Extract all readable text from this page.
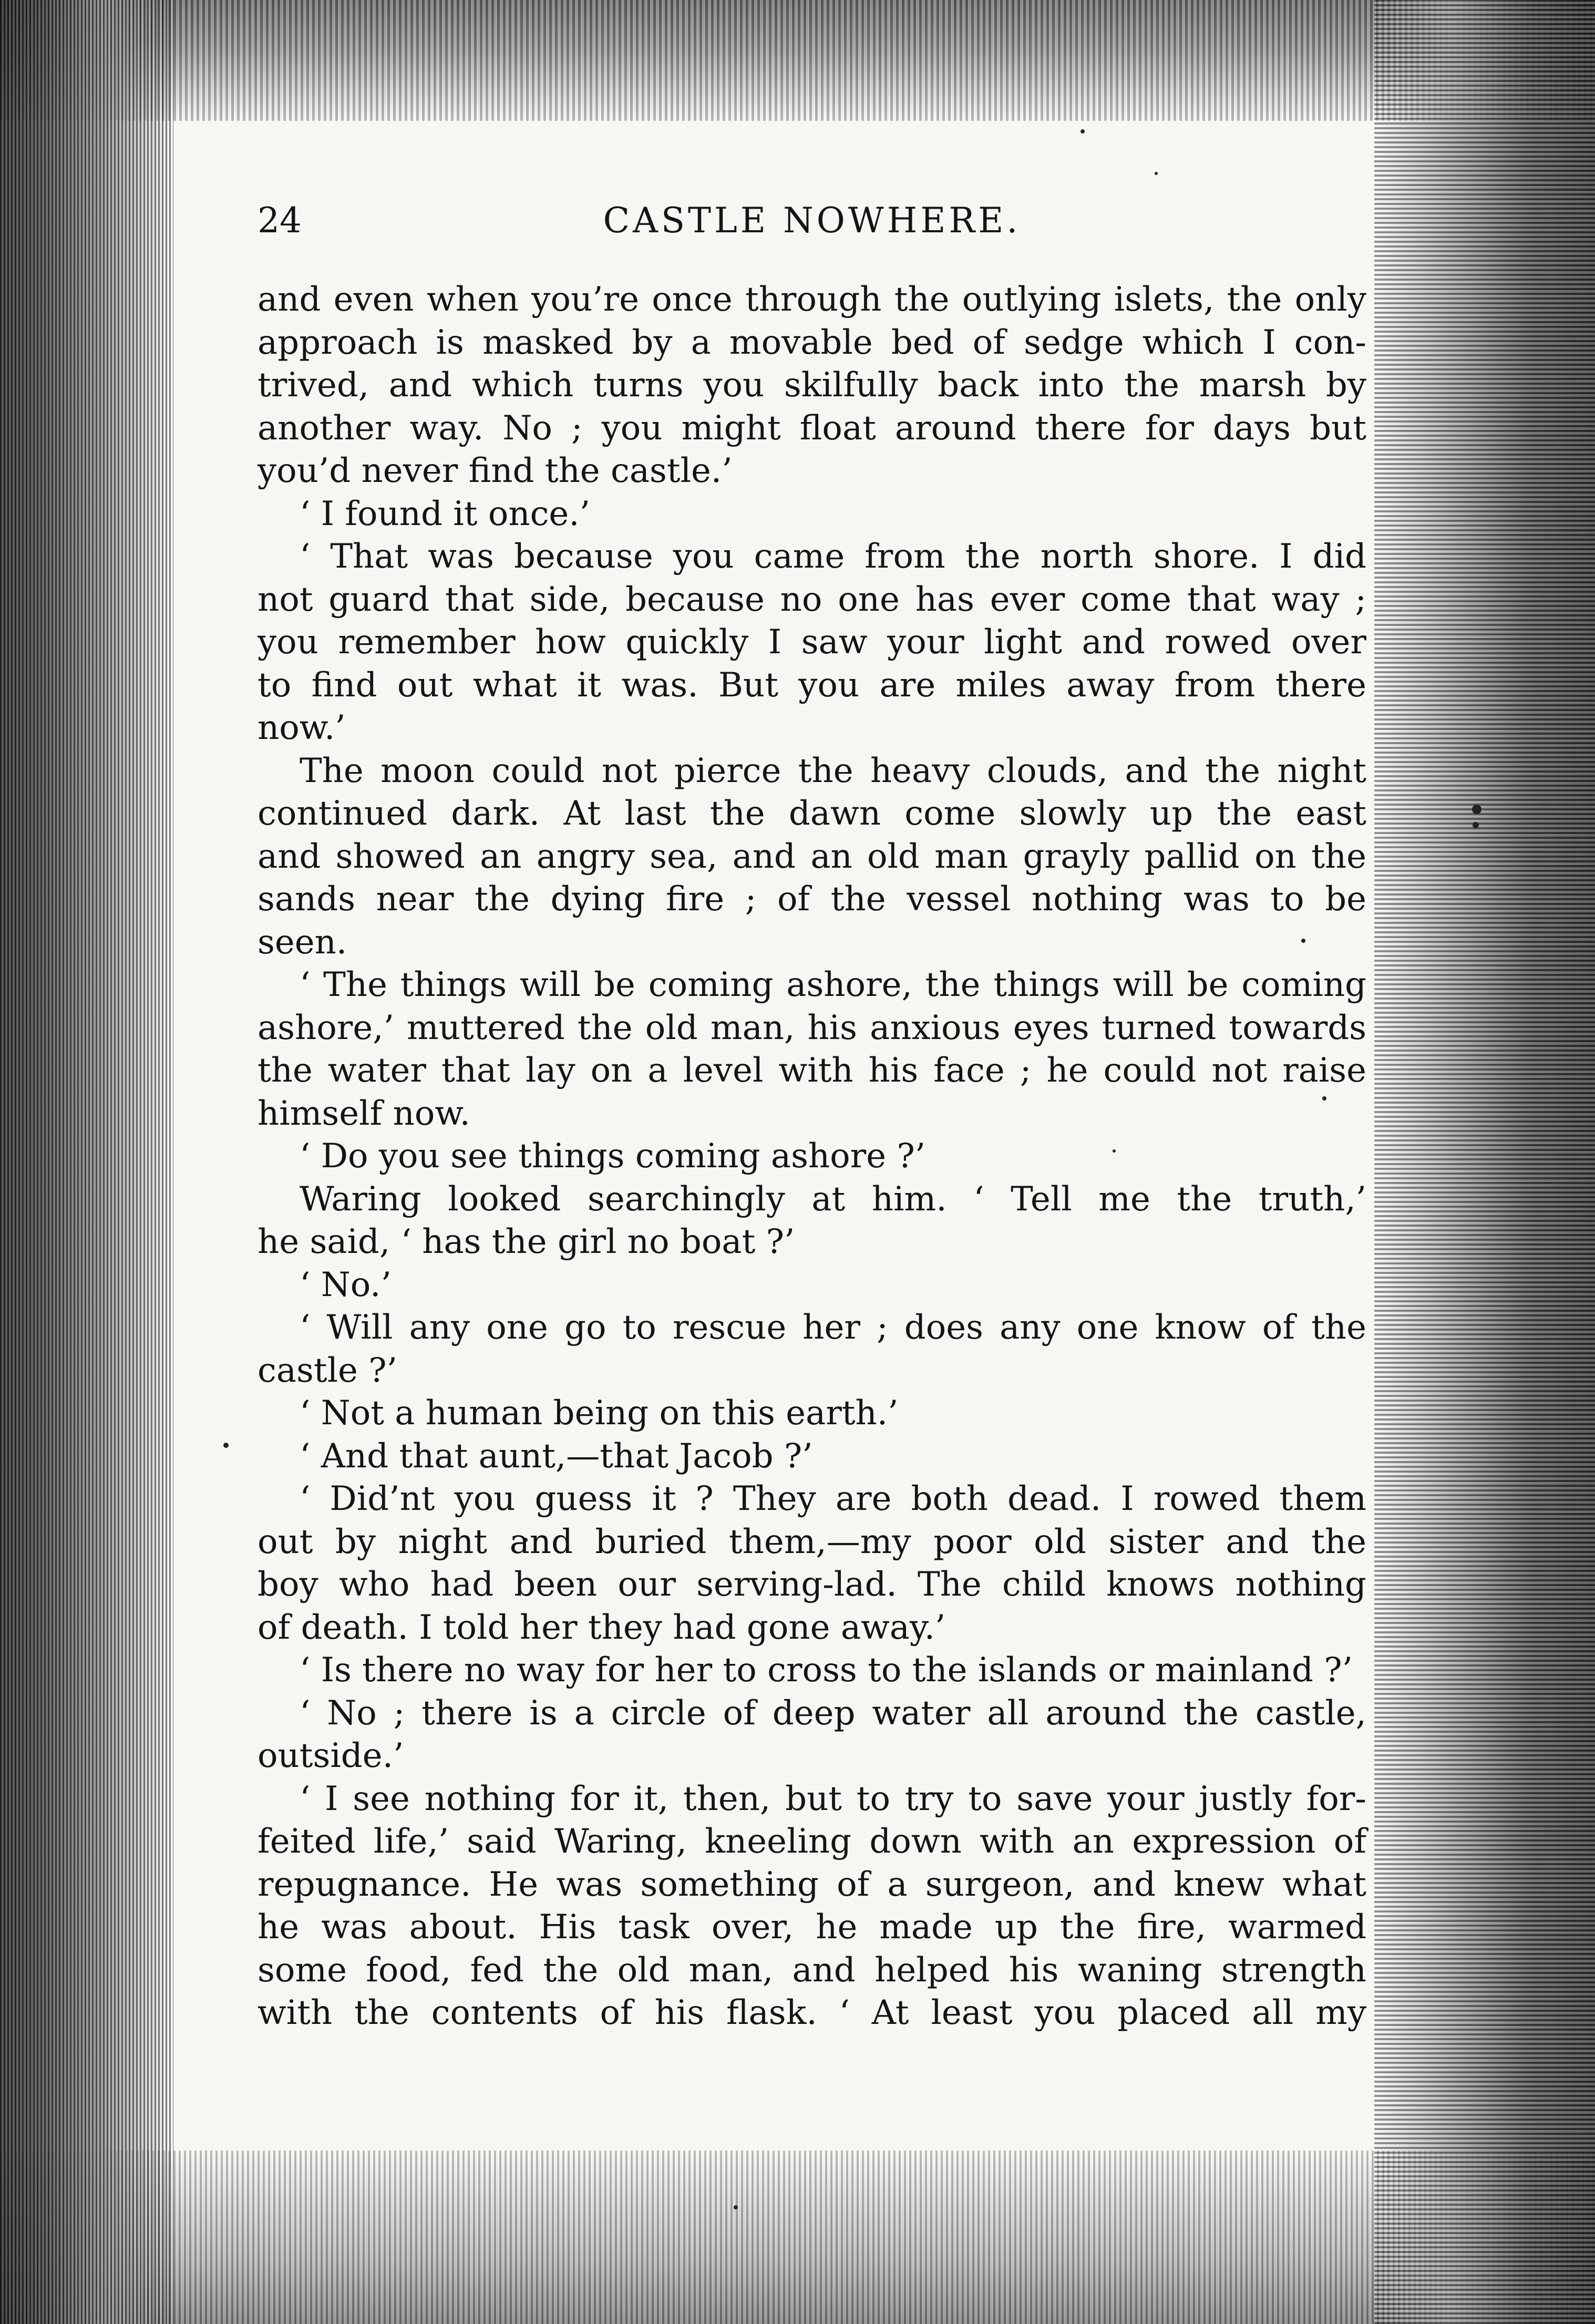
24	CASTLE NOWHERE.
and even when you’re once through the outlying islets, the only
approach is masked by a movable bed of sedge which I con-
trived, and which turns you skilfully back into the marsh by
another way. No ; you might float around there for days but
you’d never find the castle.’
‘ I found it once.’
‘ That was because you came from the north shore. I did
not guard that side, because no one has ever come that way ;
you remember how quickly I saw your light and rowed over
to find out what it was. But you are miles away from there
now.’
The moon could not pierce the heavy clouds, and the night
continued dark. At last the dawn come slowly up the east
and showed an angry sea, and an old man grayly pallid on the
sands near the dying fire ; of the vessel nothing was to be
seen.
‘ The things will be coming ashore, the things will be coming
ashore,’ muttered the old man, his anxious eyes turned towards
the water that lay on a level with his face ; he could not raise
himself now.
‘ Do you see things coming ashore ?’
Waring looked searchingly at him. ‘ Tell me the truth,’
he said, ‘ has the girl no boat ?’
‘ No.’
‘ Will any one go to rescue her ; does any one know of the
castle ?’
‘ Not a human being on this earth.’
‘ And that aunt,—that Jacob ?’
‘ Did’nt you guess it ? They are both dead. I rowed them
out by night and buried them,—my poor old sister and the
boy who had been our serving-lad. The child knows nothing
of death. I told her they had gone away.’
‘ Is there no way for her to cross to the islands or mainland ?’
‘ No ; there is a circle of deep water all around the castle,
outside.’
‘ I see nothing for it, then, but to try to save your justly for-
feited life,’ said Waring, kneeling down with an expression of
repugnance. He was something of a surgeon, and knew what
he was about. His task over, he made up the fire, warmed
some food, fed the old man, and helped his waning strength
with the contents of his flask. ‘ At least you placed all my
